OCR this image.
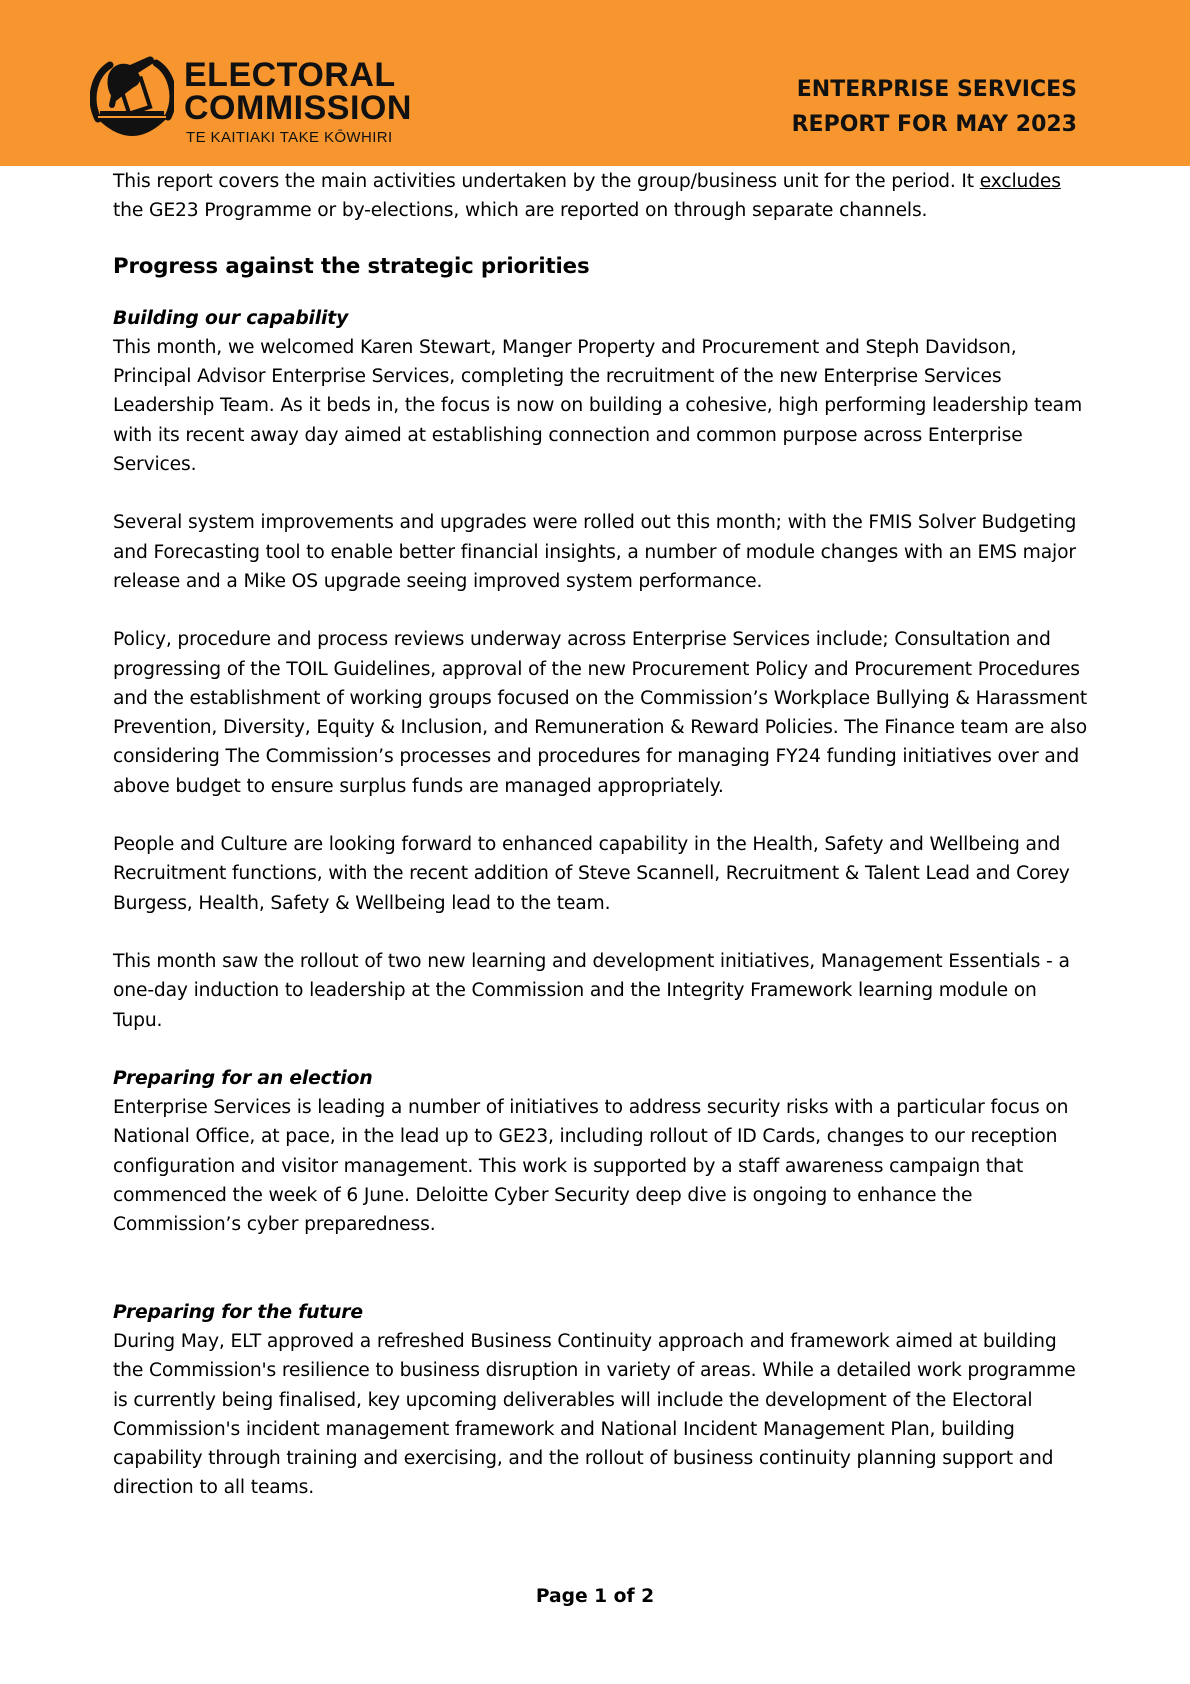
ELECTORAL
COMMISSION
TE KAITIAKI TAKE KŌWHIRI
ENTERPRISE SERVICES
REPORT FOR MAY 2023

This report covers the main activities undertaken by the group/business unit for the period. It excludes the GE23 Programme or by-elections, which are reported on through separate channels.

Progress against the strategic priorities

Building our capability

This month, we welcomed Karen Stewart, Manger Property and Procurement and Steph Davidson, Principal Advisor Enterprise Services, completing the recruitment of the new Enterprise Services Leadership Team. As it beds in, the focus is now on building a cohesive, high performing leadership team with its recent away day aimed at establishing connection and common purpose across Enterprise Services.

Several system improvements and upgrades were rolled out this month; with the FMIS Solver Budgeting and Forecasting tool to enable better financial insights, a number of module changes with an EMS major release and a Mike OS upgrade seeing improved system performance.

Policy, procedure and process reviews underway across Enterprise Services include; Consultation and progressing of the TOIL Guidelines, approval of the new Procurement Policy and Procurement Procedures and the establishment of working groups focused on the Commission’s Workplace Bullying & Harassment Prevention, Diversity, Equity & Inclusion, and Remuneration & Reward Policies. The Finance team are also considering The Commission’s processes and procedures for managing FY24 funding initiatives over and above budget to ensure surplus funds are managed appropriately.

People and Culture are looking forward to enhanced capability in the Health, Safety and Wellbeing and Recruitment functions, with the recent addition of Steve Scannell, Recruitment & Talent Lead and Corey Burgess, Health, Safety & Wellbeing lead to the team.

This month saw the rollout of two new learning and development initiatives, Management Essentials - a one-day induction to leadership at the Commission and the Integrity Framework learning module on Tupu.

Preparing for an election

Enterprise Services is leading a number of initiatives to address security risks with a particular focus on National Office, at pace, in the lead up to GE23, including rollout of ID Cards, changes to our reception configuration and visitor management. This work is supported by a staff awareness campaign that commenced the week of 6 June. Deloitte Cyber Security deep dive is ongoing to enhance the Commission’s cyber preparedness.

Preparing for the future

During May, ELT approved a refreshed Business Continuity approach and framework aimed at building the Commission's resilience to business disruption in variety of areas. While a detailed work programme is currently being finalised, key upcoming deliverables will include the development of the Electoral Commission's incident management framework and National Incident Management Plan, building capability through training and exercising, and the rollout of business continuity planning support and direction to all teams.

Page 1 of 2
